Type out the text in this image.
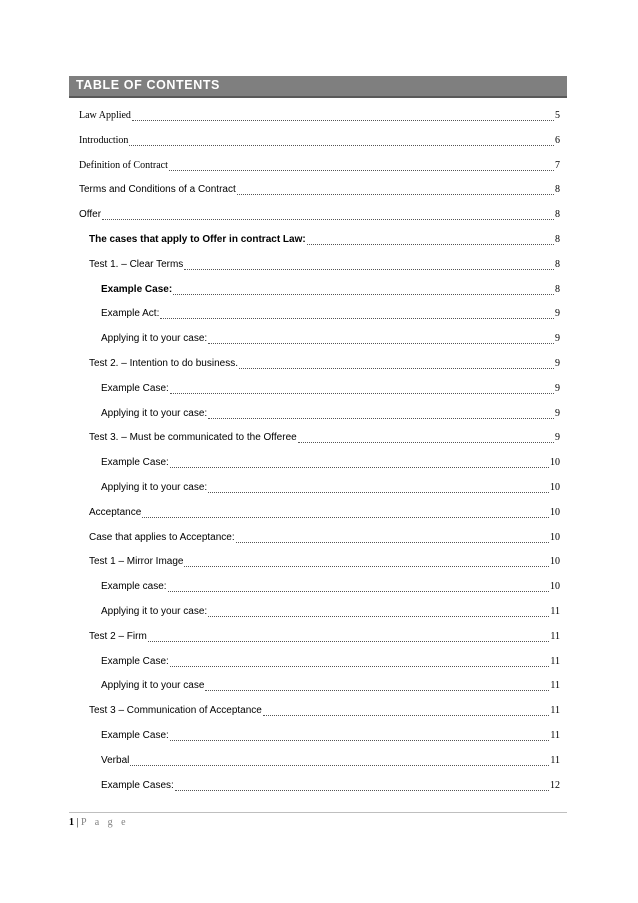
TABLE OF CONTENTS
Law Applied	5
Introduction	6
Definition of Contract	7
Terms and Conditions of a Contract	8
Offer	8
The cases that apply to Offer in contract Law:	8
Test 1. – Clear Terms	8
Example Case:	8
Example Act:	9
Applying it to your case:	9
Test 2. – Intention to do business.	9
Example Case:	9
Applying it to your case:	9
Test 3. – Must be communicated to the Offeree	9
Example Case:	10
Applying it to your case:	10
Acceptance	10
Case that applies to Acceptance:	10
Test 1 – Mirror Image	10
Example case:	10
Applying it to your case:	11
Test 2 – Firm	11
Example Case:	11
Applying it to your case	11
Test 3 – Communication of Acceptance	11
Example Case:	11
Verbal	11
Example Cases:	12
1 | P a g e
